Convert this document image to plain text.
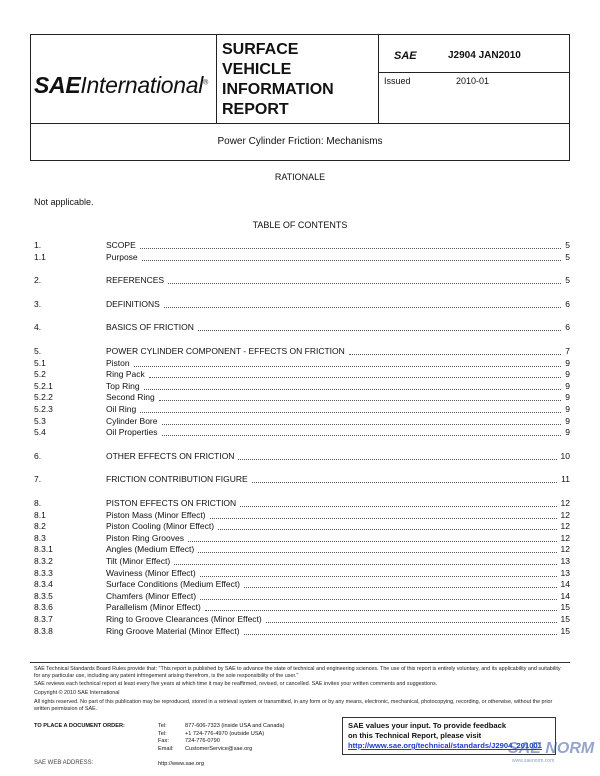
SAEInternational®
SURFACE
VEHICLE
INFORMATION
REPORT
SAE	J2904 JAN2010
Issued	2010-01
Power Cylinder Friction: Mechanisms
RATIONALE
Not applicable.
TABLE OF CONTENTS
1.	SCOPE	5
1.1	Purpose	5
2.	REFERENCES	5
3.	DEFINITIONS	6
4.	BASICS OF FRICTION	6
5.	POWER CYLINDER COMPONENT - EFFECTS ON FRICTION	7
5.1	Piston	9
5.2	Ring Pack	9
5.2.1	Top Ring	9
5.2.2	Second Ring	9
5.2.3	Oil Ring	9
5.3	Cylinder Bore	9
5.4	Oil Properties	9
6.	OTHER EFFECTS ON FRICTION	10
7.	FRICTION CONTRIBUTION FIGURE	11
8.	PISTON EFFECTS ON FRICTION	12
8.1	Piston Mass (Minor Effect)	12
8.2	Piston Cooling (Minor Effect)	12
8.3	Piston Ring Grooves	12
8.3.1	Angles (Medium Effect)	12
8.3.2	Tilt (Minor Effect)	13
8.3.3	Waviness (Minor Effect)	13
8.3.4	Surface Conditions (Medium Effect)	14
8.3.5	Chamfers (Minor Effect)	14
8.3.6	Parallelism (Minor Effect)	15
8.3.7	Ring to Groove Clearances (Minor Effect)	15
8.3.8	Ring Groove Material (Minor Effect)	15
SAE Technical Standards Board Rules provide that: "This report is published by SAE to advance the state of technical and engineering sciences. The use of this report is entirely voluntary, and its applicability and suitability for any particular use, including any patent infringement arising therefrom, is the sole responsibility of the user."
SAE reviews each technical report at least every five years at which time it may be reaffirmed, revised, or cancelled. SAE invites your written comments and suggestions.
Copyright © 2010 SAE International
All rights reserved. No part of this publication may be reproduced, stored in a retrieval system or transmitted, in any form or by any means, electronic, mechanical, photocopying, recording, or otherwise, without the prior written permission of SAE.
TO PLACE A DOCUMENT ORDER:	Tel:	877-606-7323 (inside USA and Canada)
Tel:	+1 724-776-4970 (outside USA)
Fax:	724-776-0790
Email: CustomerService@sae.org
http://www.sae.org
SAE values your input. To provide feedback
on this Technical Report, please visit
http://www.sae.org/technical/standards/J2904_201001
SAE WEB ADDRESS:
SAE NORM
www.saenorm.com
